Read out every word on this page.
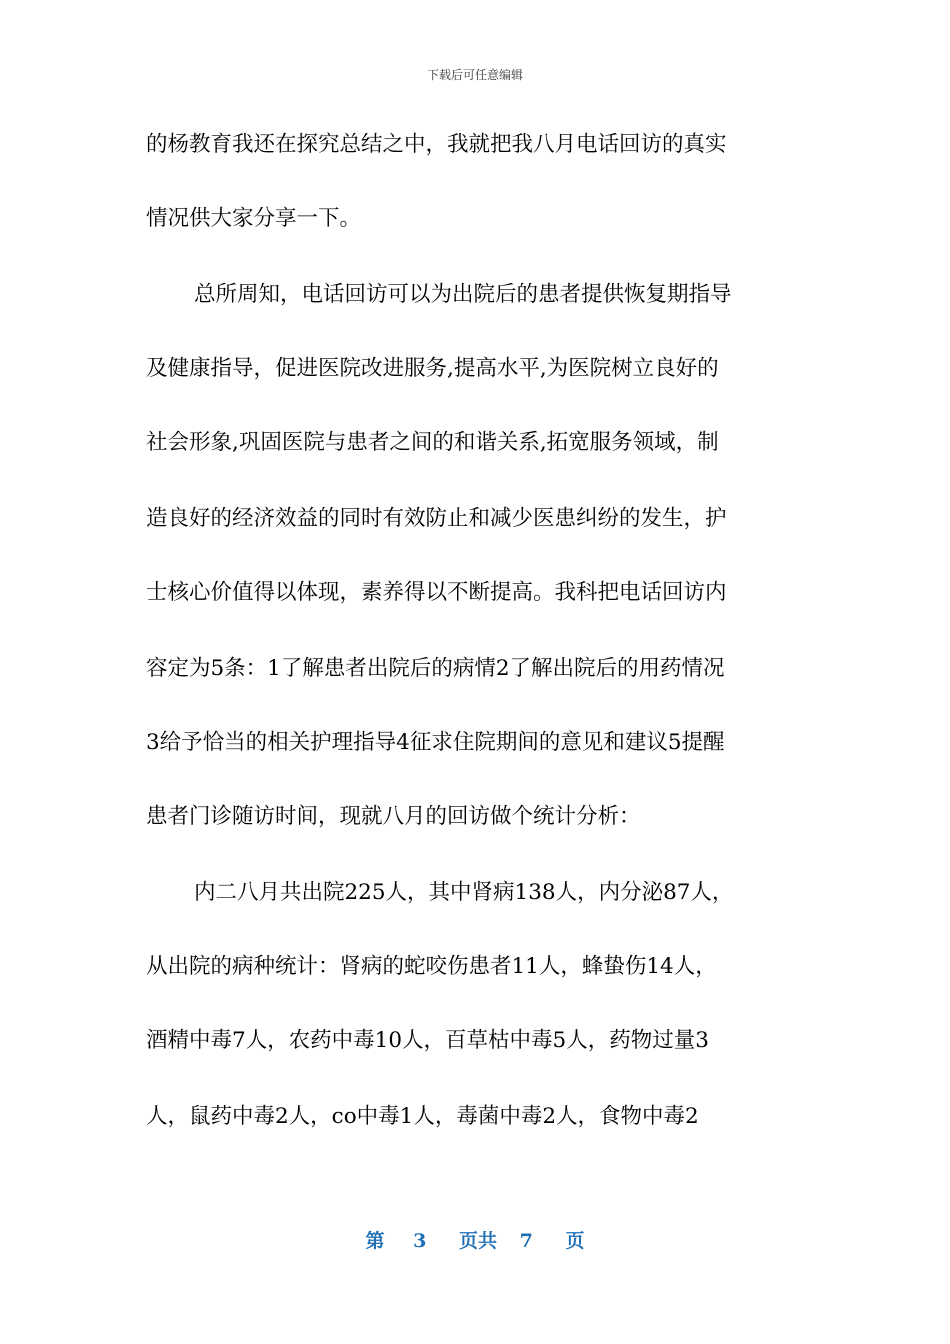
下载后可任意编辑
的杨教育我还在探究总结之中，我就把我八月电话回访的真实
情况供大家分享一下。
总所周知，电话回访可以为出院后的患者提供恢复期指导
及健康指导，促进医院改进服务,提高水平,为医院树立良好的
社会形象,巩固医院与患者之间的和谐关系,拓宽服务领域，制
造良好的经济效益的同时有效防止和减少医患纠纷的发生，护
士核心价值得以体现，素养得以不断提高。我科把电话回访内
容定为5条：1了解患者出院后的病情2了解出院后的用药情况
3给予恰当的相关护理指导4征求住院期间的意见和建议5提醒
患者门诊随访时间，现就八月的回访做个统计分析：
内二八月共出院225人，其中肾病138人，内分泌87人，
从出院的病种统计：肾病的蛇咬伤患者11人，蜂蛰伤14人，
酒精中毒7人，农药中毒10人，百草枯中毒5人，药物过量3
人，鼠药中毒2人，co中毒1人，毒菌中毒2人，食物中毒2
第 3 页共 7 页
